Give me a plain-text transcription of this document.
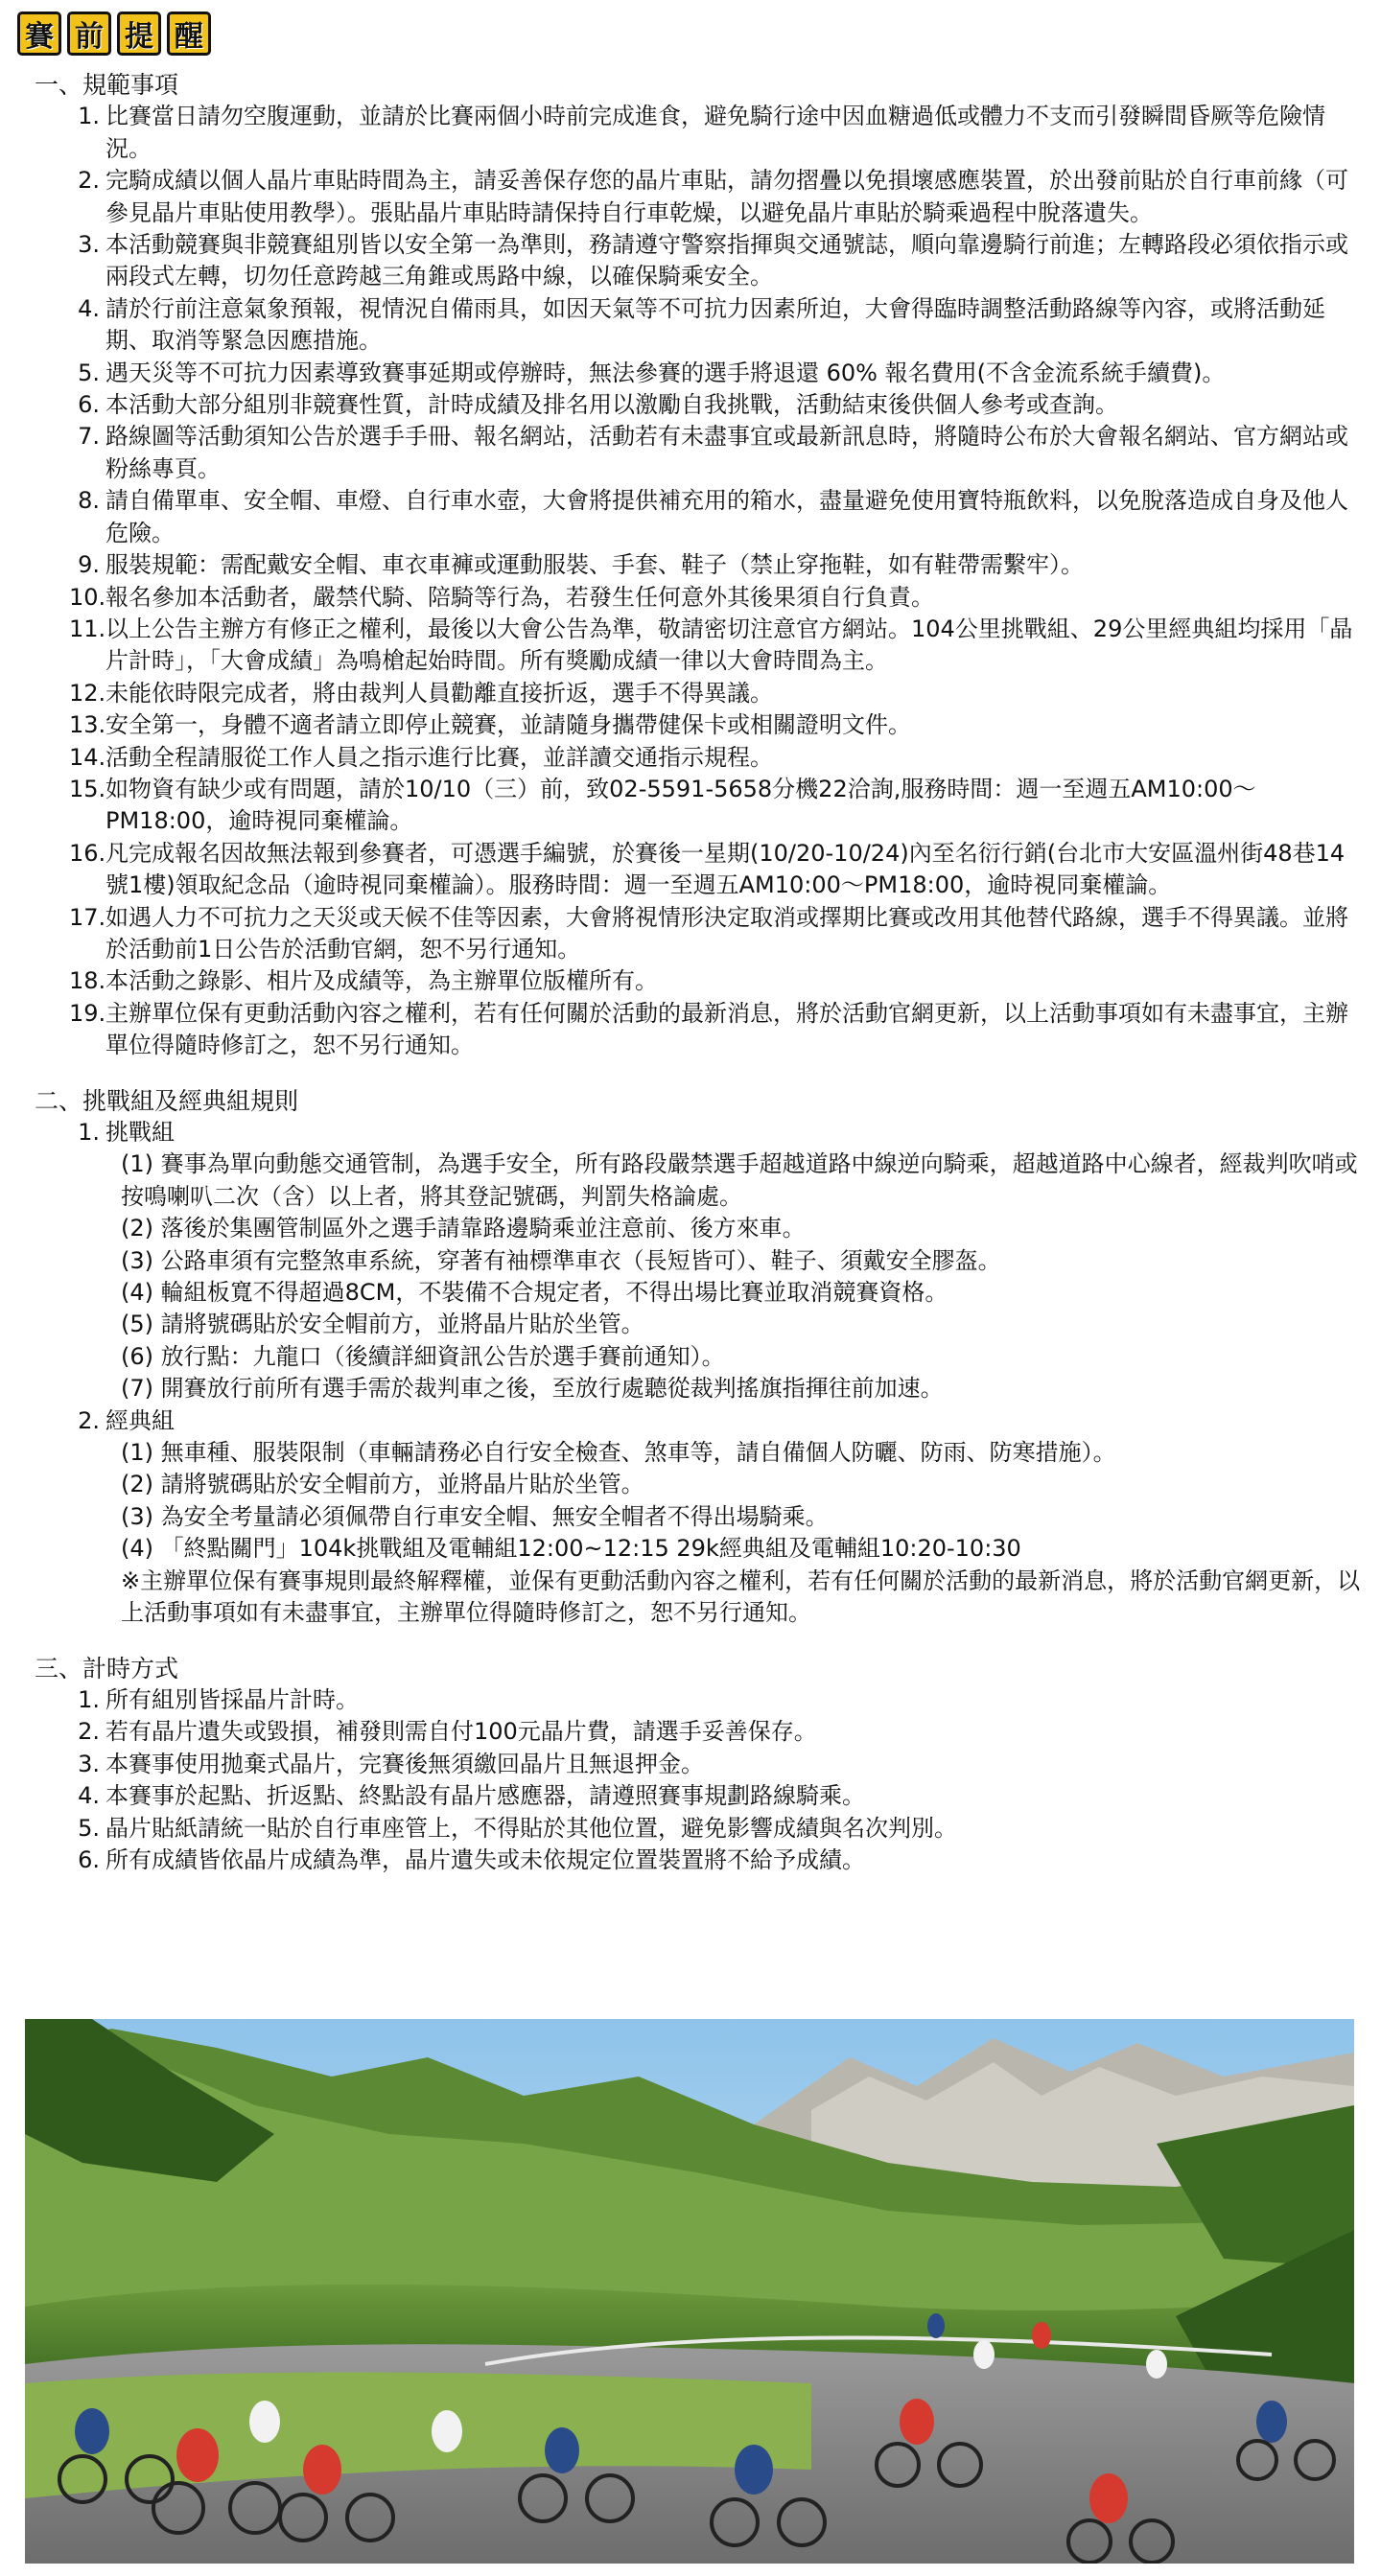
賽 前 提 醒
一、規範事項
比賽當日請勿空腹運動，並請於比賽兩個小時前完成進食，避免騎行途中因血糖過低或體力不支而引發瞬間昏厥等危險情況。
完騎成績以個人晶片車貼時間為主，請妥善保存您的晶片車貼，請勿摺疊以免損壞感應裝置，於出發前貼於自行車前緣（可參見晶片車貼使用教學）。張貼晶片車貼時請保持自行車乾燥，以避免晶片車貼於騎乘過程中脫落遺失。
本活動競賽與非競賽組別皆以安全第一為準則，務請遵守警察指揮與交通號誌，順向靠邊騎行前進；左轉路段必須依指示或兩段式左轉，切勿任意跨越三角錐或馬路中線，以確保騎乘安全。
請於行前注意氣象預報，視情況自備雨具，如因天氣等不可抗力因素所迫，大會得臨時調整活動路線等內容，或將活動延期、取消等緊急因應措施。
遇天災等不可抗力因素導致賽事延期或停辦時，無法參賽的選手將退還 60% 報名費用(不含金流系統手續費)。
本活動大部分組別非競賽性質，計時成績及排名用以激勵自我挑戰，活動結束後供個人參考或查詢。
路線圖等活動須知公告於選手手冊、報名網站，活動若有未盡事宜或最新訊息時，將隨時公布於大會報名網站、官方網站或粉絲專頁。
請自備單車、安全帽、車燈、自行車水壺，大會將提供補充用的箱水，盡量避免使用寶特瓶飲料，以免脫落造成自身及他人危險。
服裝規範：需配戴安全帽、車衣車褲或運動服裝、手套、鞋子（禁止穿拖鞋，如有鞋帶需繫牢）。
報名參加本活動者，嚴禁代騎、陪騎等行為，若發生任何意外其後果須自行負責。
以上公告主辦方有修正之權利，最後以大會公告為準，敬請密切注意官方網站。104公里挑戰組、29公里經典組均採用「晶片計時」，「大會成績」為鳴槍起始時間。所有獎勵成績一律以大會時間為主。
未能依時限完成者，將由裁判人員勸離直接折返，選手不得異議。
安全第一，身體不適者請立即停止競賽，並請隨身攜帶健保卡或相關證明文件。
活動全程請服從工作人員之指示進行比賽，並詳讀交通指示規程。
如物資有缺少或有問題，請於10/10（三）前，致02-5591-5658分機22洽詢,服務時間：週一至週五AM10:00～PM18:00，逾時視同棄權論。
凡完成報名因故無法報到參賽者，可憑選手編號，於賽後一星期(10/20-10/24)內至名衍行銷(台北市大安區溫州街48巷14號1樓)領取紀念品（逾時視同棄權論）。服務時間：週一至週五AM10:00～PM18:00，逾時視同棄權論。
如遇人力不可抗力之天災或天候不佳等因素，大會將視情形決定取消或擇期比賽或改用其他替代路線，選手不得異議。並將於活動前1日公告於活動官網，恕不另行通知。
本活動之錄影、相片及成績等，為主辦單位版權所有。
主辦單位保有更動活動內容之權利，若有任何關於活動的最新消息，將於活動官網更新，以上活動事項如有未盡事宜，主辦單位得隨時修訂之，恕不另行通知。
二、挑戰組及經典組規則
挑戰組
(1) 賽事為單向動態交通管制，為選手安全，所有路段嚴禁選手超越道路中線逆向騎乘，超越道路中心線者，經裁判吹哨或按鳴喇叭二次（含）以上者，將其登記號碼，判罰失格論處。
(2) 落後於集團管制區外之選手請靠路邊騎乘並注意前、後方來車。
(3) 公路車須有完整煞車系統，穿著有袖標準車衣（長短皆可）、鞋子、須戴安全膠盔。
(4) 輪組板寬不得超過8CM，不裝備不合規定者，不得出場比賽並取消競賽資格。
(5) 請將號碼貼於安全帽前方，並將晶片貼於坐管。
(6) 放行點：九龍口（後續詳細資訊公告於選手賽前通知）。
(7) 開賽放行前所有選手需於裁判車之後，至放行處聽從裁判搖旗指揮往前加速。
經典組
(1) 無車種、服裝限制（車輛請務必自行安全檢查、煞車等，請自備個人防曬、防雨、防寒措施）。
(2) 請將號碼貼於安全帽前方，並將晶片貼於坐管。
(3) 為安全考量請必須佩帶自行車安全帽、無安全帽者不得出場騎乘。
(4) 「終點關門」104k挑戰組及電輔組12:00~12:15 29k經典組及電輔組10:20-10:30
※主辦單位保有賽事規則最終解釋權，並保有更動活動內容之權利，若有任何關於活動的最新消息，將於活動官網更新，以上活動事項如有未盡事宜，主辦單位得隨時修訂之，恕不另行通知。
三、計時方式
所有組別皆採晶片計時。
若有晶片遺失或毀損，補發則需自付100元晶片費，請選手妥善保存。
本賽事使用拋棄式晶片，完賽後無須繳回晶片且無退押金。
本賽事於起點、折返點、終點設有晶片感應器，請遵照賽事規劃路線騎乘。
晶片貼紙請統一貼於自行車座管上，不得貼於其他位置，避免影響成績與名次判別。
所有成績皆依晶片成績為準，晶片遺失或未依規定位置裝置將不給予成績。
